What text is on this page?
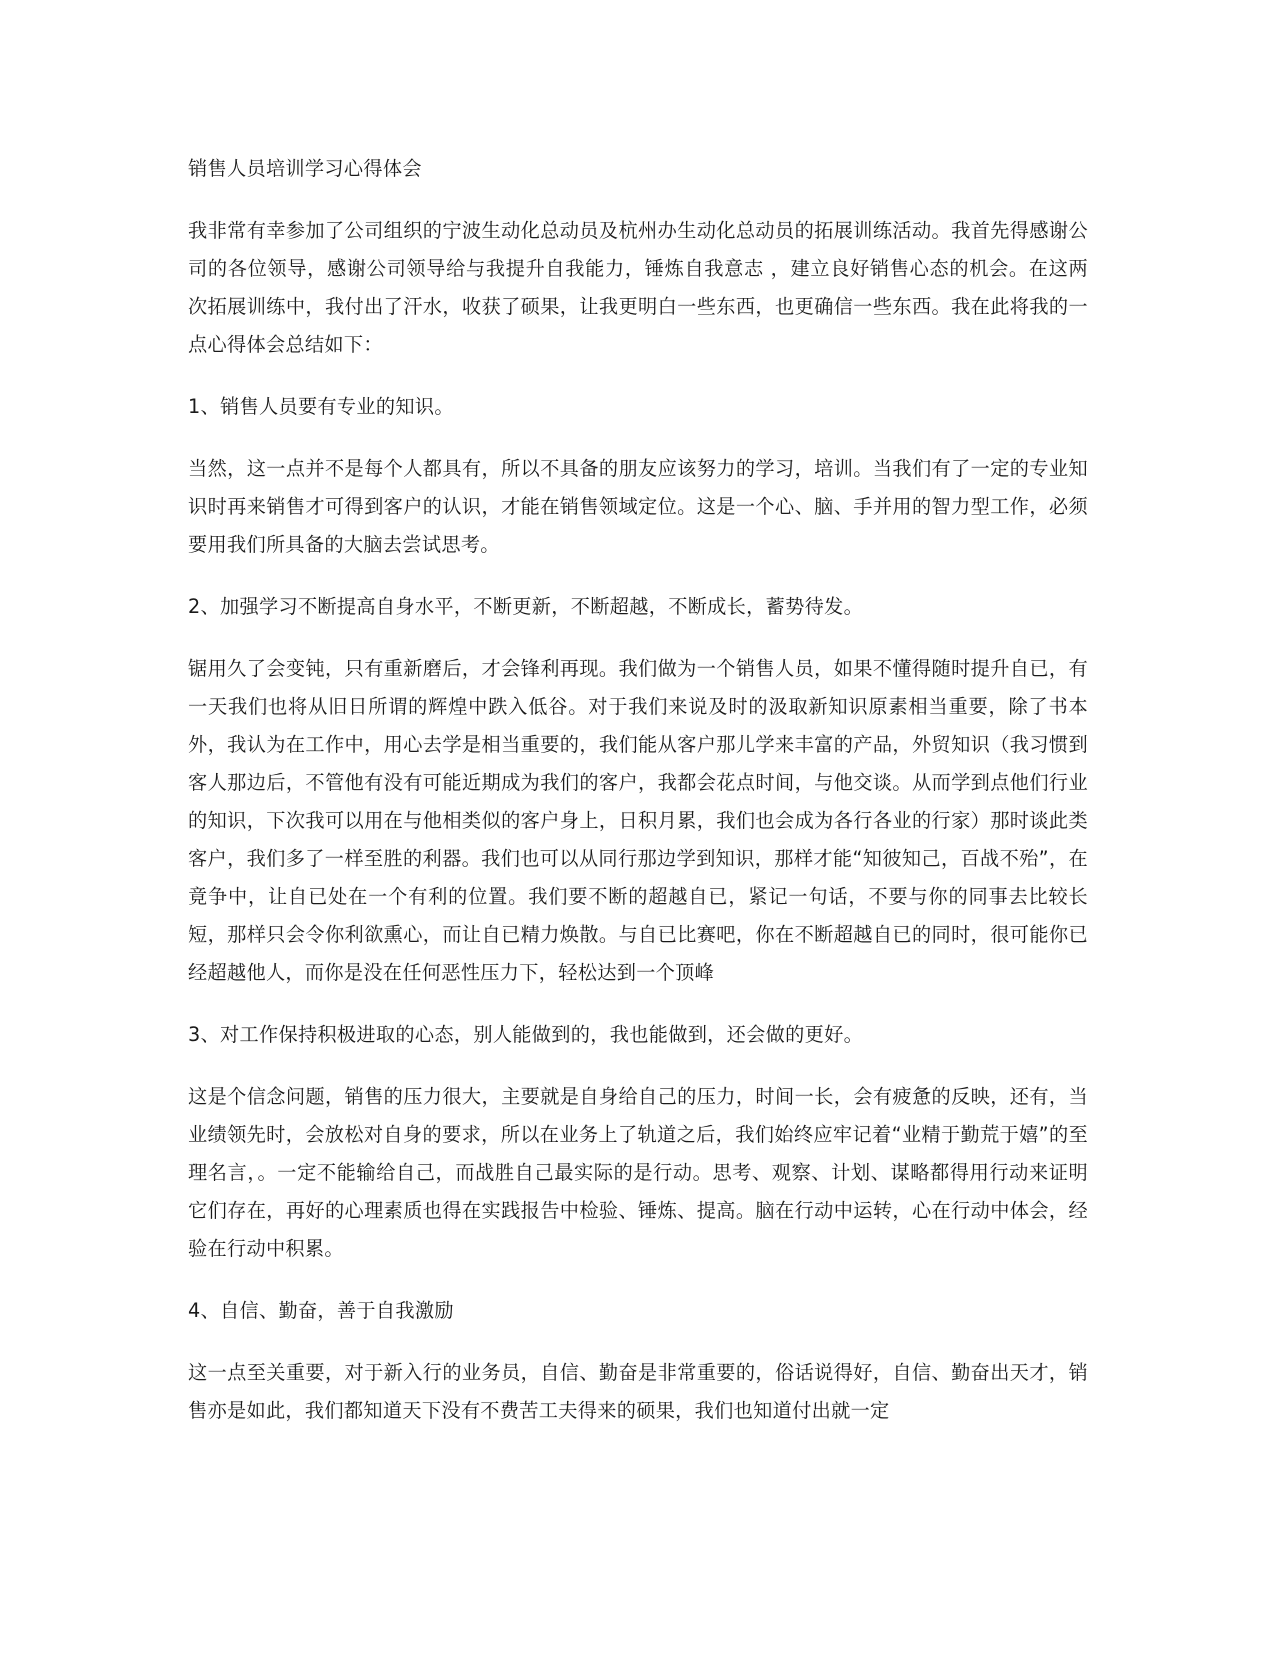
销售人员培训学习心得体会
我非常有幸参加了公司组织的宁波生动化总动员及杭州办生动化总动员的拓展训练活动。我首先得感谢公司的各位领导，感谢公司领导给与我提升自我能力，锤炼自我意志 ，建立良好销售心态的机会。在这两次拓展训练中，我付出了汗水，收获了硕果，让我更明白一些东西，也更确信一些东西。我在此将我的一点心得体会总结如下：
1、销售人员要有专业的知识。
当然，这一点并不是每个人都具有，所以不具备的朋友应该努力的学习，培训。当我们有了一定的专业知识时再来销售才可得到客户的认识，才能在销售领域定位。这是一个心、脑、手并用的智力型工作，必须要用我们所具备的大脑去尝试思考。
2、加强学习不断提高自身水平，不断更新，不断超越，不断成长，蓄势待发。
锯用久了会变钝，只有重新磨后，才会锋利再现。我们做为一个销售人员，如果不懂得随时提升自已，有一天我们也将从旧日所谓的辉煌中跌入低谷。对于我们来说及时的汲取新知识原素相当重要，除了书本外，我认为在工作中，用心去学是相当重要的，我们能从客户那儿学来丰富的产品，外贸知识（我习惯到客人那边后，不管他有没有可能近期成为我们的客户，我都会花点时间，与他交谈。从而学到点他们行业的知识，下次我可以用在与他相类似的客户身上，日积月累，我们也会成为各行各业的行家）那时谈此类客户，我们多了一样至胜的利器。我们也可以从同行那边学到知识，那样才能“知彼知己，百战不殆”，在竟争中，让自已处在一个有利的位置。我们要不断的超越自已，紧记一句话，不要与你的同事去比较长短，那样只会令你利欲熏心，而让自已精力焕散。与自已比赛吧，你在不断超越自已的同时，很可能你已经超越他人，而你是没在任何恶性压力下，轻松达到一个顶峰
3、对工作保持积极进取的心态，别人能做到的，我也能做到，还会做的更好。
这是个信念问题，销售的压力很大，主要就是自身给自己的压力，时间一长，会有疲惫的反映，还有，当业绩领先时，会放松对自身的要求，所以在业务上了轨道之后，我们始终应牢记着“业精于勤荒于嬉”的至理名言，。一定不能输给自己，而战胜自己最实际的是行动。思考、观察、计划、谋略都得用行动来证明它们存在，再好的心理素质也得在实践报告中检验、锤炼、提高。脑在行动中运转，心在行动中体会，经验在行动中积累。
4、自信、勤奋，善于自我激励
这一点至关重要，对于新入行的业务员，自信、勤奋是非常重要的，俗话说得好，自信、勤奋出天才，销售亦是如此，我们都知道天下没有不费苦工夫得来的硕果，我们也知道付出就一定
